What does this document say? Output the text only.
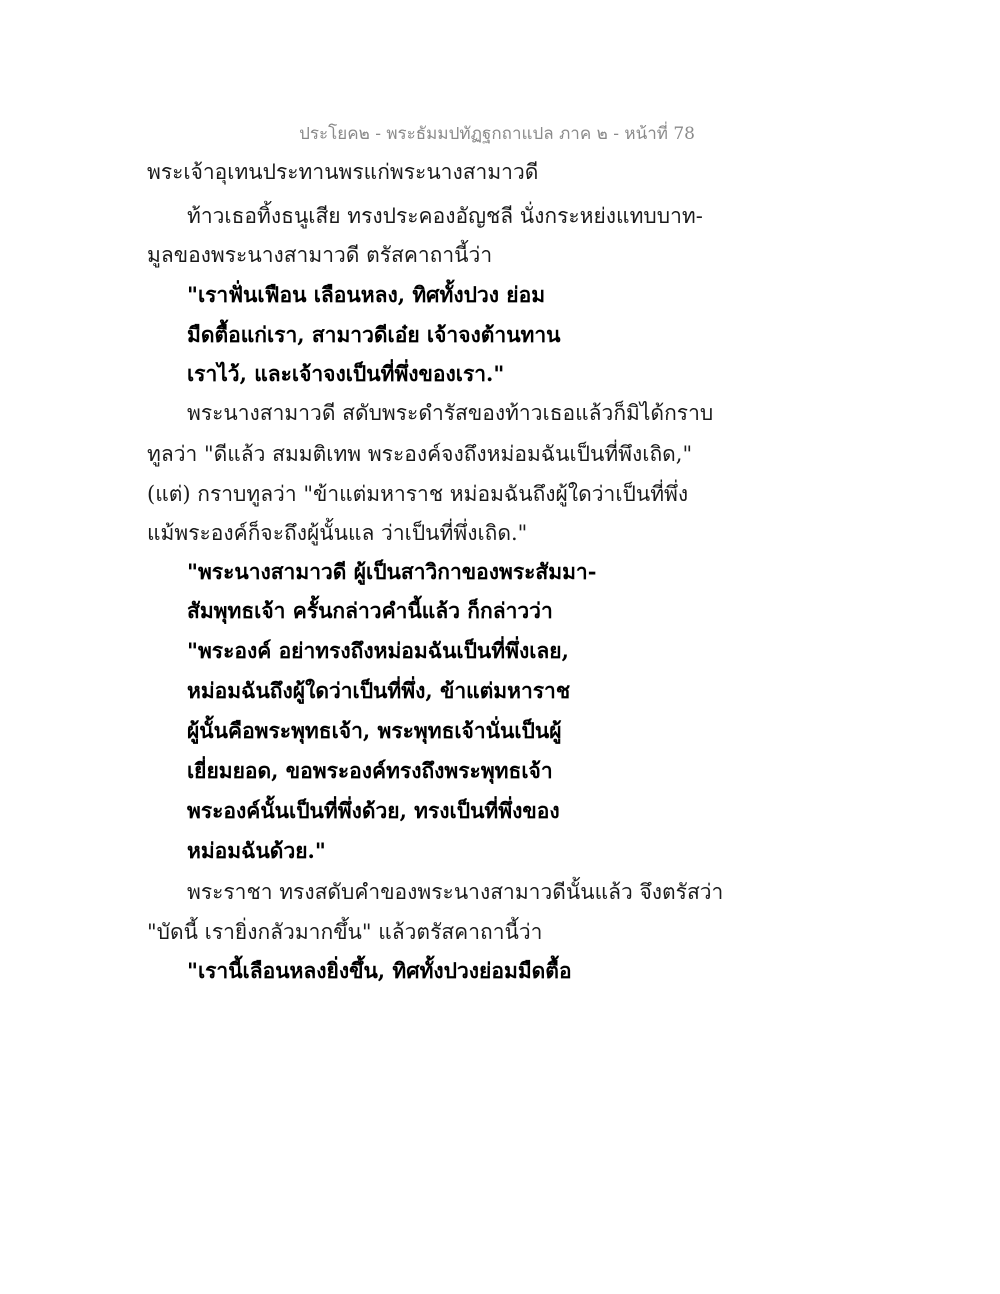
ประโยค๒ - พระธัมมปทัฏฐกถาแปล ภาค ๒ - หน้าที่ 78
พระเจ้าอุเทนประทานพรแก่พระนางสามาวดี
ท้าวเธอทิ้งธนูเสีย ทรงประคองอัญชลี นั่งกระหย่งแทบบาท-
มูลของพระนางสามาวดี ตรัสคาถานี้ว่า
"เราฟั่นเฟือน เลือนหลง, ทิศทั้งปวง ย่อม
มืดตื้อแก่เรา, สามาวดีเอ๋ย เจ้าจงต้านทาน
เราไว้, และเจ้าจงเป็นที่พึ่งของเรา."
พระนางสามาวดี สดับพระดำรัสของท้าวเธอแล้วก็มิได้กราบ
ทูลว่า "ดีแล้ว สมมติเทพ พระองค์จงถึงหม่อมฉันเป็นที่พึงเถิด,"
(แต่) กราบทูลว่า "ข้าแต่มหาราช หม่อมฉันถึงผู้ใดว่าเป็นที่พึ่ง
แม้พระองค์ก็จะถึงผู้นั้นแล ว่าเป็นที่พึ่งเถิด."
"พระนางสามาวดี ผู้เป็นสาวิกาของพระสัมมา-
สัมพุทธเจ้า ครั้นกล่าวคำนี้แล้ว ก็กล่าวว่า
"พระองค์ อย่าทรงถึงหม่อมฉันเป็นที่พึ่งเลย,
หม่อมฉันถึงผู้ใดว่าเป็นที่พึ่ง, ข้าแต่มหาราช
ผู้นั้นคือพระพุทธเจ้า, พระพุทธเจ้านั่นเป็นผู้
เยี่ยมยอด, ขอพระองค์ทรงถึงพระพุทธเจ้า
พระองค์นั้นเป็นที่พึ่งด้วย, ทรงเป็นที่พึ่งของ
หม่อมฉันด้วย."
พระราชา ทรงสดับคำของพระนางสามาวดีนั้นแล้ว จึงตรัสว่า
"บัดนี้ เรายิ่งกลัวมากขึ้น" แล้วตรัสคาถานี้ว่า
"เรานี้เลือนหลงยิ่งขึ้น, ทิศทั้งปวงย่อมมืดตื้อ
